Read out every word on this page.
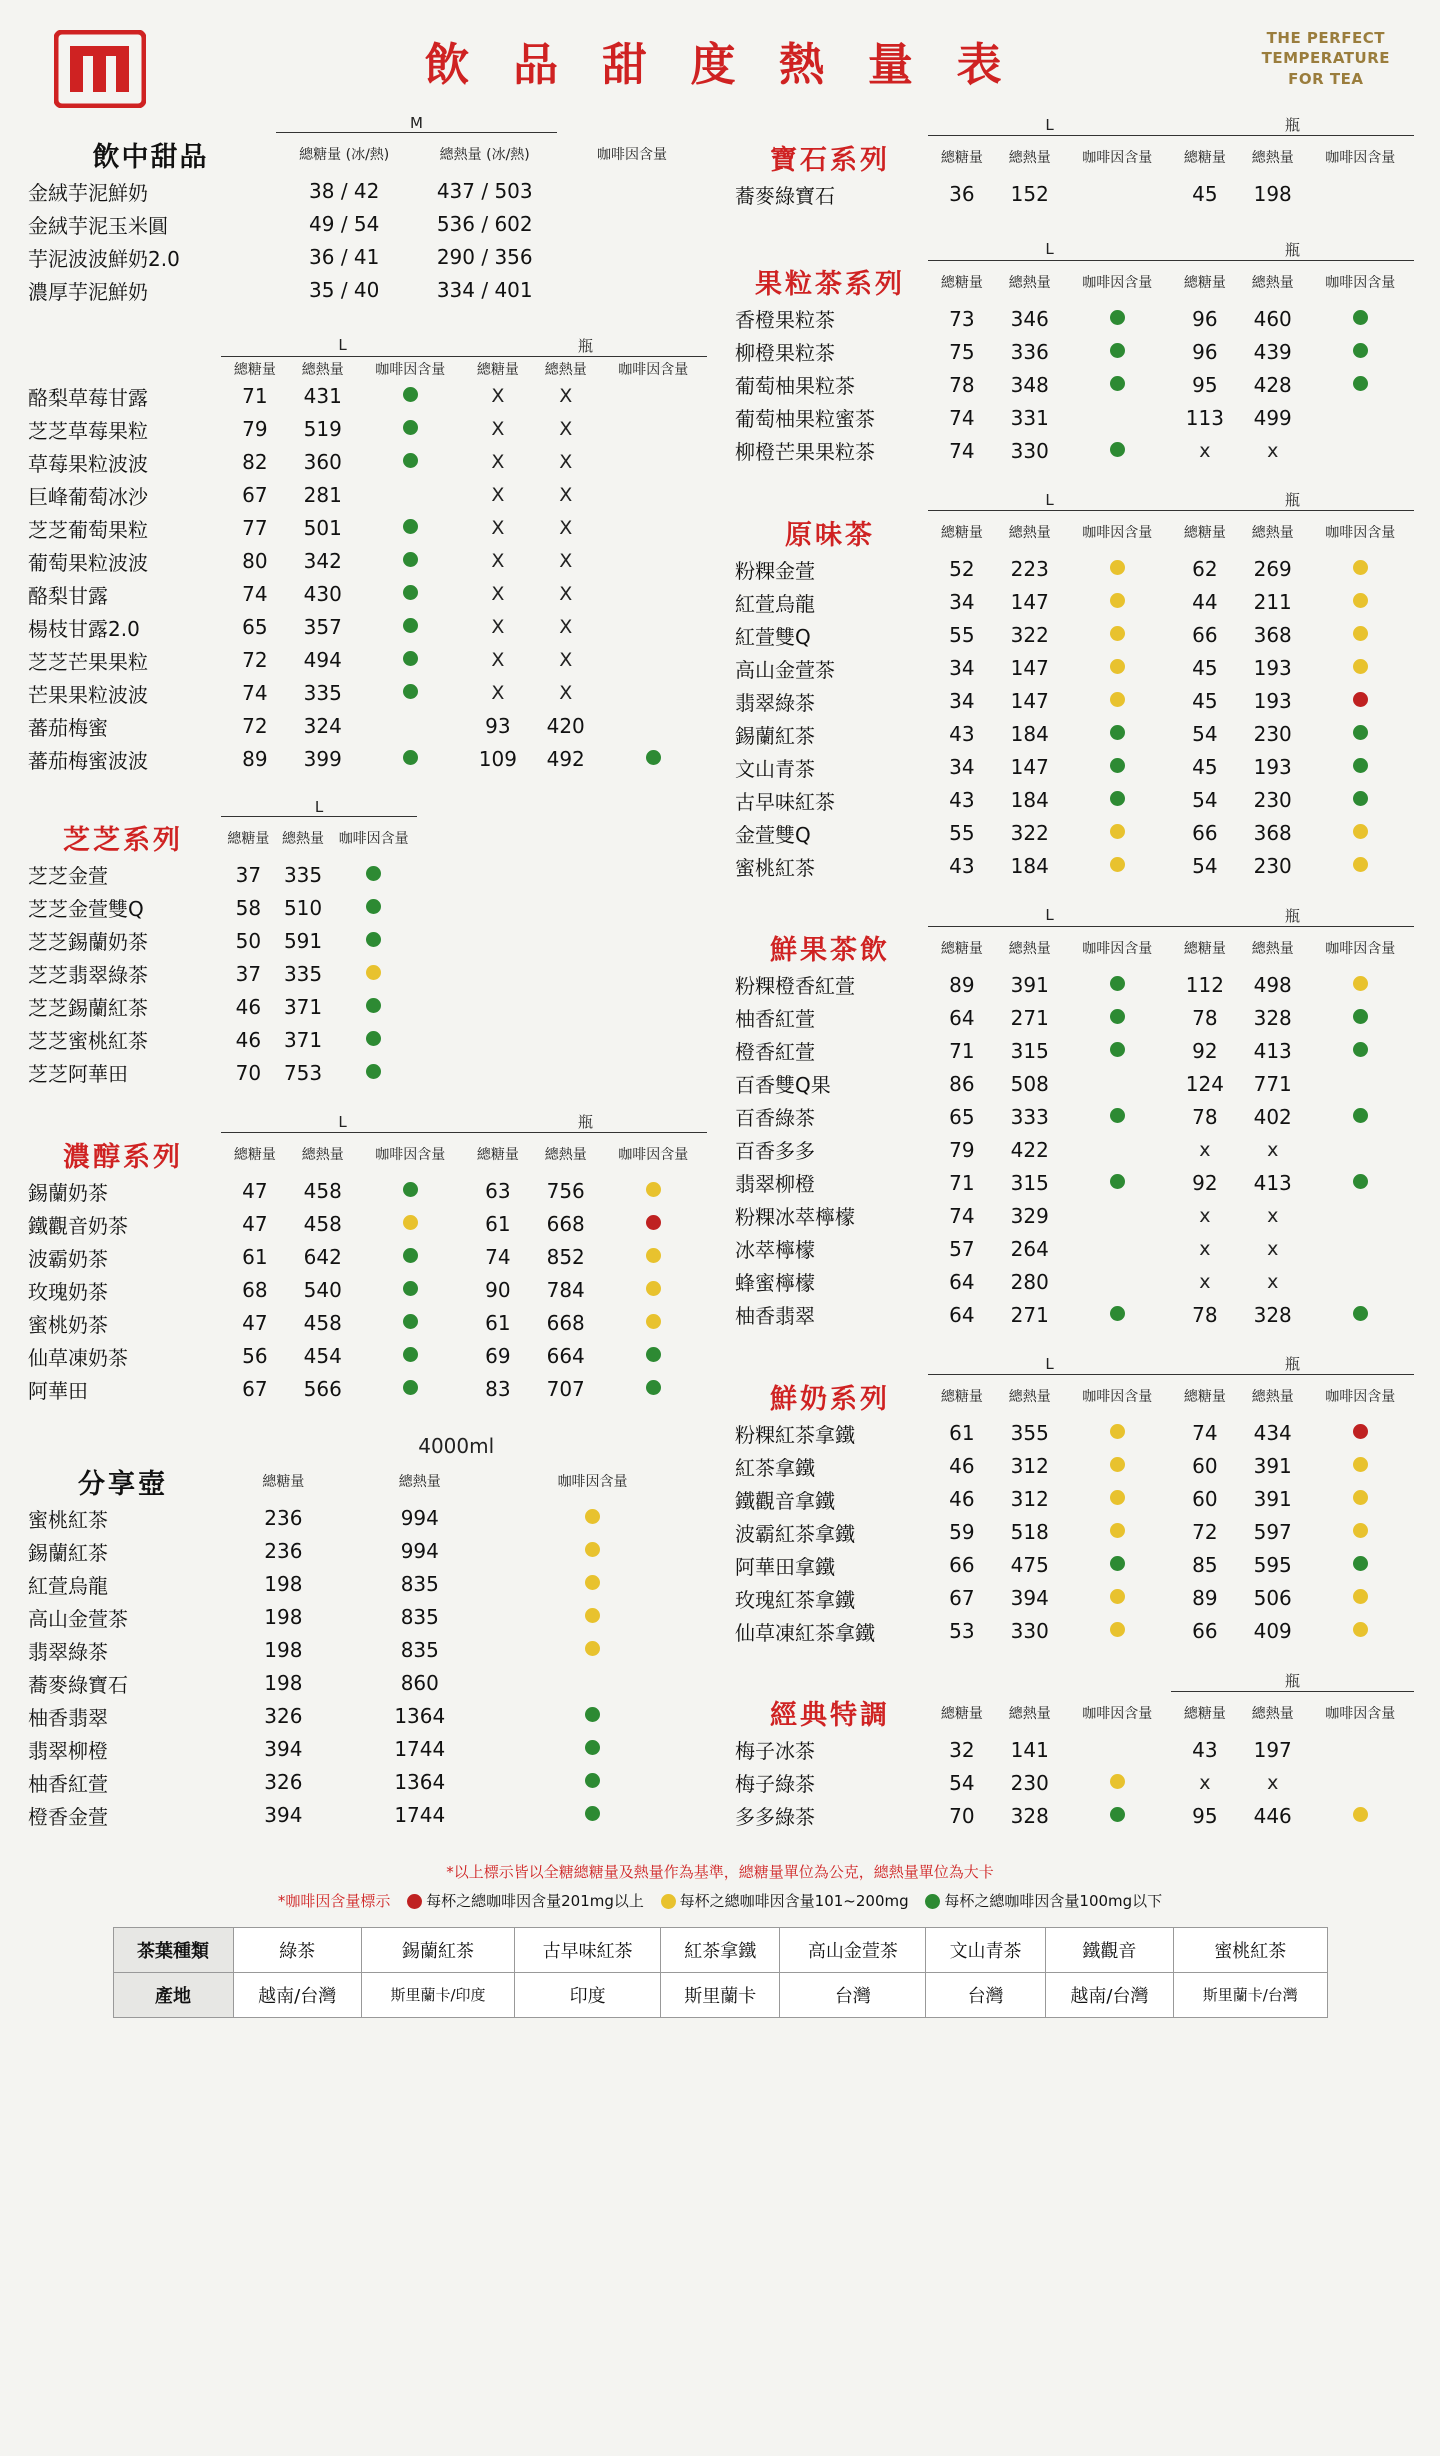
飲 品 甜 度 熱 量 表	THE PERFECT
TEMPERATURE
FOR TEA
	M		
飲中甜品	總糖量 (冰/熱)	總熱量 (冰/熱)	咖啡因含量
金絨芋泥鮮奶	38 / 42	437 / 503	
金絨芋泥玉米圓	49 / 54	536 / 602	
芋泥波波鮮奶2.0	36 / 41	290 / 356	
濃厚芋泥鮮奶	35 / 40	334 / 401	
	L			瓶		
	總糖量	總熱量	咖啡因含量	總糖量	總熱量	咖啡因含量
酪梨草莓甘露	71	431		X	X	
芝芝草莓果粒	79	519		X	X	
草莓果粒波波	82	360		X	X	
巨峰葡萄冰沙	67	281		X	X	
芝芝葡萄果粒	77	501		X	X	
葡萄果粒波波	80	342		X	X	
酪梨甘露	74	430		X	X	
楊枝甘露2.0	65	357		X	X	
芝芝芒果果粒	72	494		X	X	
芒果果粒波波	74	335		X	X	
蕃茄梅蜜	72	324		93	420	
蕃茄梅蜜波波	89	399		109	492	
	L			
芝芝系列	總糖量	總熱量	咖啡因含量	
芝芝金萱	37	335		
芝芝金萱雙Q	58	510		
芝芝錫蘭奶茶	50	591		
芝芝翡翠綠茶	37	335		
芝芝錫蘭紅茶	46	371		
芝芝蜜桃紅茶	46	371		
芝芝阿華田	70	753		
	L			瓶		
濃醇系列	總糖量	總熱量	咖啡因含量	總糖量	總熱量	咖啡因含量
錫蘭奶茶	47	458		63	756	
鐵觀音奶茶	47	458		61	668	
波霸奶茶	61	642		74	852	
玫瑰奶茶	68	540		90	784	
蜜桃奶茶	47	458		61	668	
仙草凍奶茶	56	454		69	664	
阿華田	67	566		83	707	
	4000ml			
分享壺	總糖量	總熱量	咖啡因含量	
蜜桃紅茶	236	994		
錫蘭紅茶	236	994		
紅萱烏龍	198	835		
高山金萱茶	198	835		
翡翠綠茶	198	835		
蕎麥綠寶石	198	860		
柚香翡翠	326	1364		
翡翠柳橙	394	1744		
柚香紅萱	326	1364		
橙香金萱	394	1744		
	L			瓶		
寶石系列	總糖量	總熱量	咖啡因含量	總糖量	總熱量	咖啡因含量
蕎麥綠寶石	36	152		45	198	
	L			瓶		
果粒茶系列	總糖量	總熱量	咖啡因含量	總糖量	總熱量	咖啡因含量
香橙果粒茶	73	346		96	460	
柳橙果粒茶	75	336		96	439	
葡萄柚果粒茶	78	348		95	428	
葡萄柚果粒蜜茶	74	331		113	499	
柳橙芒果果粒茶	74	330		x	x	
	L			瓶		
原味茶	總糖量	總熱量	咖啡因含量	總糖量	總熱量	咖啡因含量
粉粿金萱	52	223		62	269	
紅萱烏龍	34	147		44	211	
紅萱雙Q	55	322		66	368	
高山金萱茶	34	147		45	193	
翡翠綠茶	34	147		45	193	
錫蘭紅茶	43	184		54	230	
文山青茶	34	147		45	193	
古早味紅茶	43	184		54	230	
金萱雙Q	55	322		66	368	
蜜桃紅茶	43	184		54	230	
	L			瓶		
鮮果茶飲	總糖量	總熱量	咖啡因含量	總糖量	總熱量	咖啡因含量
粉粿橙香紅萱	89	391		112	498	
柚香紅萱	64	271		78	328	
橙香紅萱	71	315		92	413	
百香雙Q果	86	508		124	771	
百香綠茶	65	333		78	402	
百香多多	79	422		x	x	
翡翠柳橙	71	315		92	413	
粉粿冰萃檸檬	74	329		x	x	
冰萃檸檬	57	264		x	x	
蜂蜜檸檬	64	280		x	x	
柚香翡翠	64	271		78	328	
	L			瓶		
鮮奶系列	總糖量	總熱量	咖啡因含量	總糖量	總熱量	咖啡因含量
粉粿紅茶拿鐵	61	355		74	434	
紅茶拿鐵	46	312		60	391	
鐵觀音拿鐵	46	312		60	391	
波霸紅茶拿鐵	59	518		72	597	
阿華田拿鐵	66	475		85	595	
玫瑰紅茶拿鐵	67	394		89	506	
仙草凍紅茶拿鐵	53	330		66	409	
				瓶		
經典特調	總糖量	總熱量	咖啡因含量	總糖量	總熱量	咖啡因含量
梅子冰茶	32	141		43	197	
梅子綠茶	54	230		x	x	
多多綠茶	70	328		95	446	
*以上標示皆以全糖總糖量及熱量作為基準，總糖量單位為公克，總熱量單位為大卡
*咖啡因含量標示 每杯之總咖啡因含量201mg以上 每杯之總咖啡因含量101~200mg 每杯之總咖啡因含量100mg以下
茶葉種類	綠茶	錫蘭紅茶	古早味紅茶	紅茶拿鐵	高山金萱茶	文山青茶	鐵觀音	蜜桃紅茶
產地	越南/台灣	斯里蘭卡/印度	印度	斯里蘭卡	台灣	台灣	越南/台灣	斯里蘭卡/台灣
